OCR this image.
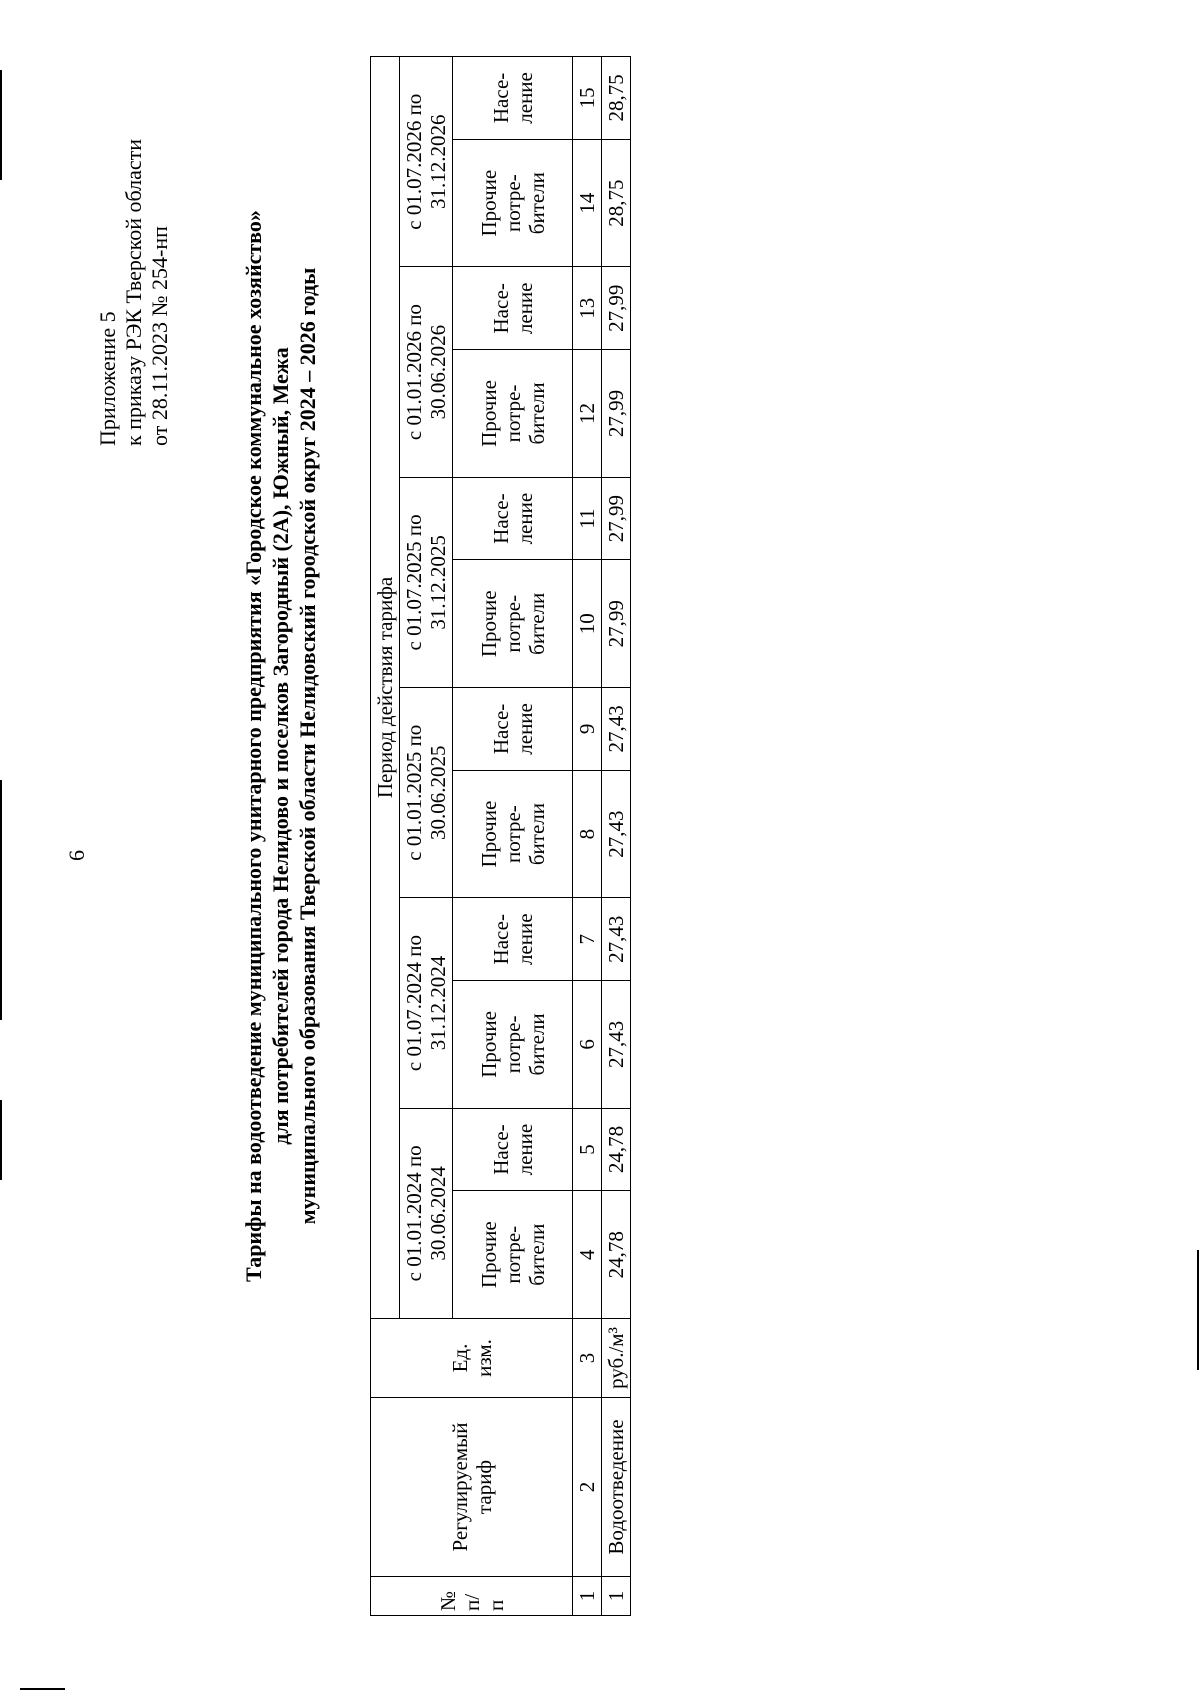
6
Приложение 5 к приказу РЭК Тверской области от 28.11.2023 № 254-нп	Тарифы на водоотведение муниципального унитарного предприятия «Городское коммунальное хозяйство» для потребителей города Нелидово и поселков Загородный (2А), Южный, Межа муниципального образования Тверской области Нелидовский городской округ 2024 – 2026 годы
№ п/ п	Регулируемый тариф	Ед. изм.	Период действия тарифа											
			с 01.01.2024 по 30.06.2024		с 01.07.2024 по 31.12.2024		с 01.01.2025 по 30.06.2025		с 01.07.2025 по 31.12.2025		с 01.01.2026 по 30.06.2026		с 01.07.2026 по 31.12.2026	
			Прочие потре- бители	Насе- ление	Прочие потре- бители	Насе- ление	Прочие потре- бители	Насе- ление	Прочие потре- бители	Насе- ление	Прочие потре- бители	Насе- ление	Прочие потре- бители	Насе- ление
1	2	3	4	5	6	7	8	9	10	11	12	13	14	15
1	Водоотведение	руб./м³	24,78	24,78	27,43	27,43	27,43	27,43	27,99	27,99	27,99	27,99	28,75	28,75
